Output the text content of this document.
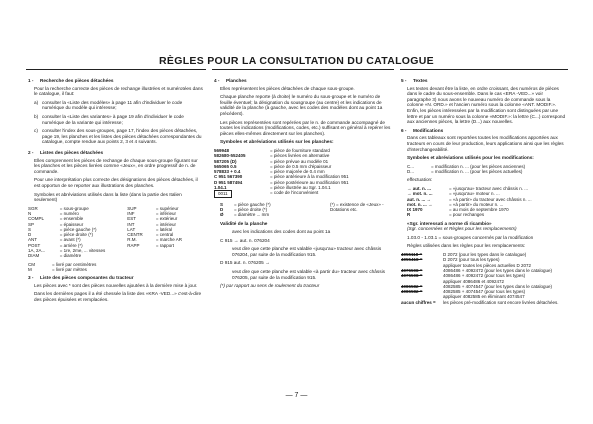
RÈGLES POUR LA CONSULTATION DU CATALOGUE
1 - Recherche des pièces détachées

Pour la recherche correcte des pièces de rechange illustrées et numérotées dans le catalogue, il faut:

a) consulter la «Liste des modèles» à page 11 afin d'individuer le code numérique du modèle qui intéresse;

b) consulter la «Liste des variantes» à page 19 afin d'individuer le code numérique de la variante qui intéresse;

c) consulter l'index des sous-groupes, page 17, l'index des pièces détachées, page 19, les planches et les listes des pièces détachées correspondantes du catalogue, compte rendue aux points 2, 3 et 4 suivants.

2 - Listes des pièces détachées

Elles comprennent les pièces de rechange de chaque sous-groupe figurant sur les planches et les pièces livrées comme «Jeux», en ordre progressif de n. de commande.

Pour une interprétation plus correcte des désignations des pièces détachées, il est opportun de se reporter aux illustrations des planches.

Symboles et abréviations utilisés dans la liste (dans la partie des Italien seulement)

SGR	= sous-groupe	SUP	= supérieur
N	= numéro	INF	= inférieur
COMPL	= ensemble	EST	= extérieur
SP	= épaisseur	INT	= intérieur
S	= pièce gauche (*)	LAT	= latéral
D	= pièce droite (*)	CENTR	= central
ANT	= avant (*)	R.M.	= marche AR
POST	= arrière (*)	RAPP	= rapport
1A, 2A...	= 1re, 2me, ... vitesses		
DIAM	= diamètre		
CM	= livré par centimètres
M	= livré par mètres
3 - Liste des pièces composantes du tracteur

Les pièces avec * sont des pièces nouvelles ajoutées à la dernière mise à jour.

Dans les dernières pages il a été chessée la liste des «KRA -VED...» c'est-à-dire des pièces épuisées et remplacées.

4 - Planches

Elles représentent les pièces détachées de chaque sous-groupe.

Chaque planche reporte (à droite) le numéro du sous-groupe et le numéro de feuille éventuel; la désignation du sousgroupe (au centre) et les indications de validité de la planche (à gauche, avec les codes des modèles dont au point 1a précédent).

Les pièces représentées sont repérées par le n. de commande accompagné de toutes les indications (modifications, codes, etc.) suffisant en général à repérer les pièces elles-mêmes directement sur les planches).

Symboles et abréviations utilisés sur les planches:

569948	= pièce de fourniture standard
582680-552405	= pièces livrées en alternative
587205 (D)	= pièce prévue au modèle 01
565065 0.5	= pièce de 0.5 mm d'épaisseur
578833 + 0.4	= pièce majorée de 0.4 mm
C 951 567390	= pièce antérieure à la modification 951
D 951 587494	= pièce postérieure au modification 951
1.04.1	= pièce illustrée au Sgr. 1.04.1
0011	= code de l'inconvénient
S	= pièce gauche (*)
D	= pièce droite (*)
Ø	= diamètre ... mm
(*) = existence de «Jeux» - Dotations etc.

Validité de la planche

avec les indications des codes dont au point 1a

C 915 → aut. n. 076204

veut dire que cette planche est valable «jusqu'au» tracteur avec châssis 076204, par suite de la modification 915.

D 915 aut. n. 076205 →

veut dire que cette planche est valable «à partir du» tracteur avec châssis 076205, par suite de la modification 915.

(*) par rapport au sens de roulement du tracteur

5 - Textes

Les textes devant être la liste, en ordre croissant, des numéros de pièces dans le cadre du sous-ensemble. Dans le cas «ERA -VED...» voir paragraphe 3) nous avons le nouveau numéro de commande sous la colonne «N. ORD.» et l'ancien numéro sous la colonne «ANT. MODIF.». Enfin, les pièces intéressées par la modification sont distinguées par une lettre et par un numéro sous la colonne «MODIF.»: la lettre (C...) correspond aux anciennes pièces, la lettre (D...) aux nouvelles.

6 - Modifications

Dans ces tableaux sont reportées toutes les modifications apportées aux tracteurs en cours de leur production, leurs applications ainsi que les règles d'interchangeabilité.

Symboles et abréviations utilisés pour les modifications:

C...	= modification n. ... (pour les pièces anciennes)
D...	= modification n. ... (pour les pièces actuelles)

effectuation:

→ aut. n. ...	= «jusqu'au» tracteur avec châssis n. ...
→ mot. n. ...	= «jusqu'au» moteur n. ...
aut. n. ... →	= «à partir» du tracteur avec châssis n. ...
mot. n. ... →	= «à partir» du moteur n. ...
IX 1970	= au mois de septembre 1970
R	= pour rechanges

«Sgr. interessati a norme di ricambio»

(Sgr. concernées et Règles pour les remplacements)

1.03.0 - 1.03.1 = sous-groupes concernés par la modification

Règles utilisées dans les règles pour les remplacements:

4055118 =	D 2072 (pour les types dans le catalogue)
4055418 =	D 2072 (pour tous les types)
	appliquer toutes les pièces actuelles D 2072
4076508 =	4086486 + 4092472 (pour les types dans le catalogue)
4076508 =	4086486 + 4092472 (pour tous les types)
	appliquer 4086486 et 4092472
4086582 =	4082585 + 4074547 (pour les types dans le catalogue)
4086582 =	4082585 + 4074547 (pour tous les types)
	appliquer 4082585 en éliminant 4074547
aucun chiffres =	les pièces pré-modification sont encore livrées détachées.
— 7 —
